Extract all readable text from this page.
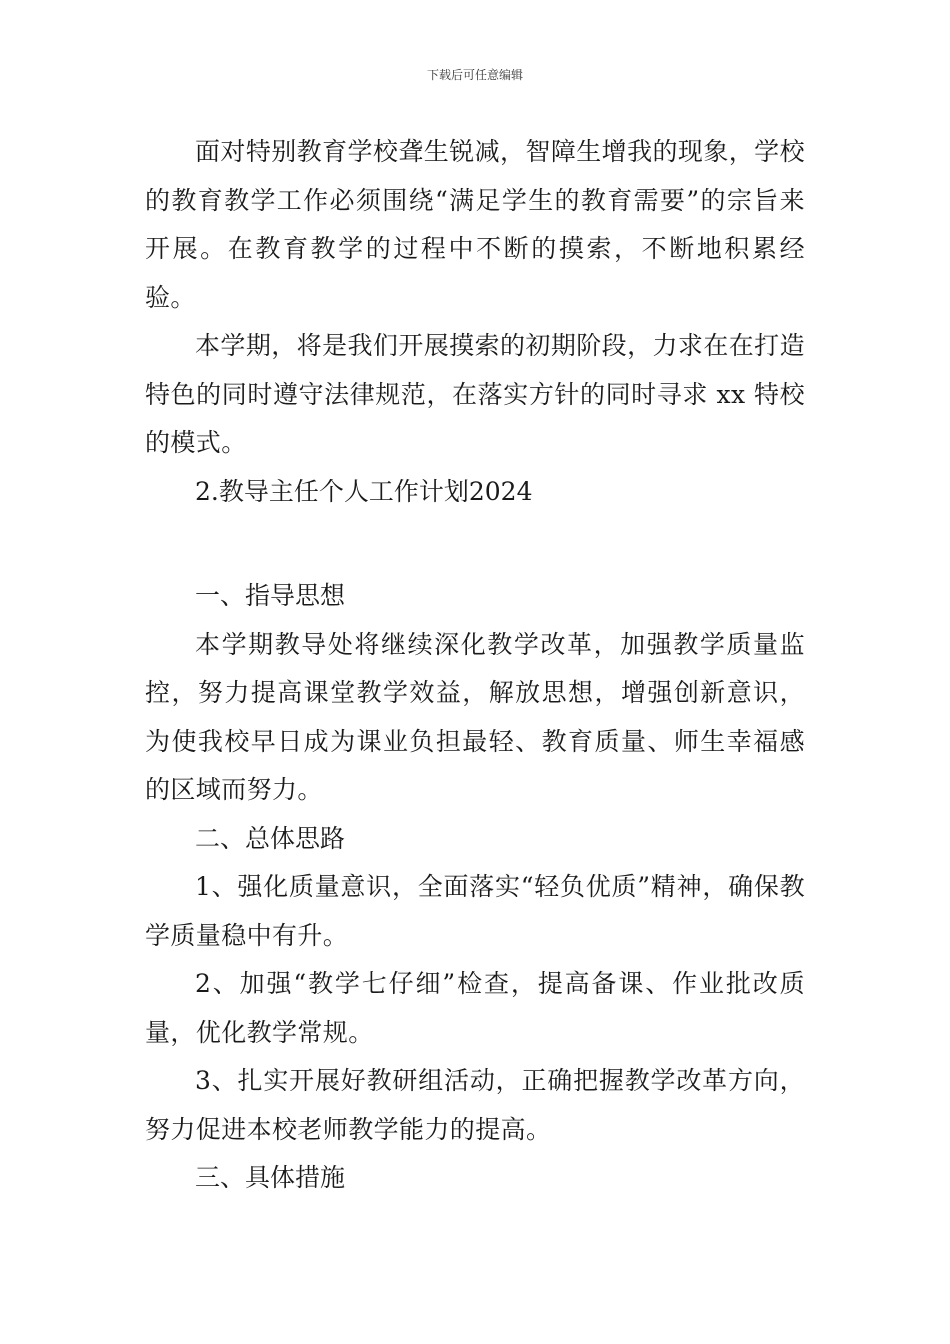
下载后可任意编辑

面对特别教育学校聋生锐减，智障生增我的现象，学校的教育教学工作必须围绕“满足学生的教育需要”的宗旨来开展。在教育教学的过程中不断的摸索，不断地积累经验。

本学期，将是我们开展摸索的初期阶段，力求在在打造特色的同时遵守法律规范，在落实方针的同时寻求 xx 特校的模式。

2.教导主任个人工作计划2024

一、指导思想

本学期教导处将继续深化教学改革，加强教学质量监控，努力提高课堂教学效益，解放思想，增强创新意识，为使我校早日成为课业负担最轻、教育质量、师生幸福感的区域而努力。

二、总体思路

1、强化质量意识，全面落实“轻负优质”精神，确保教学质量稳中有升。

2、加强“教学七仔细”检查，提高备课、作业批改质量，优化教学常规。

3、扎实开展好教研组活动，正确把握教学改革方向，努力促进本校老师教学能力的提高。

三、具体措施
